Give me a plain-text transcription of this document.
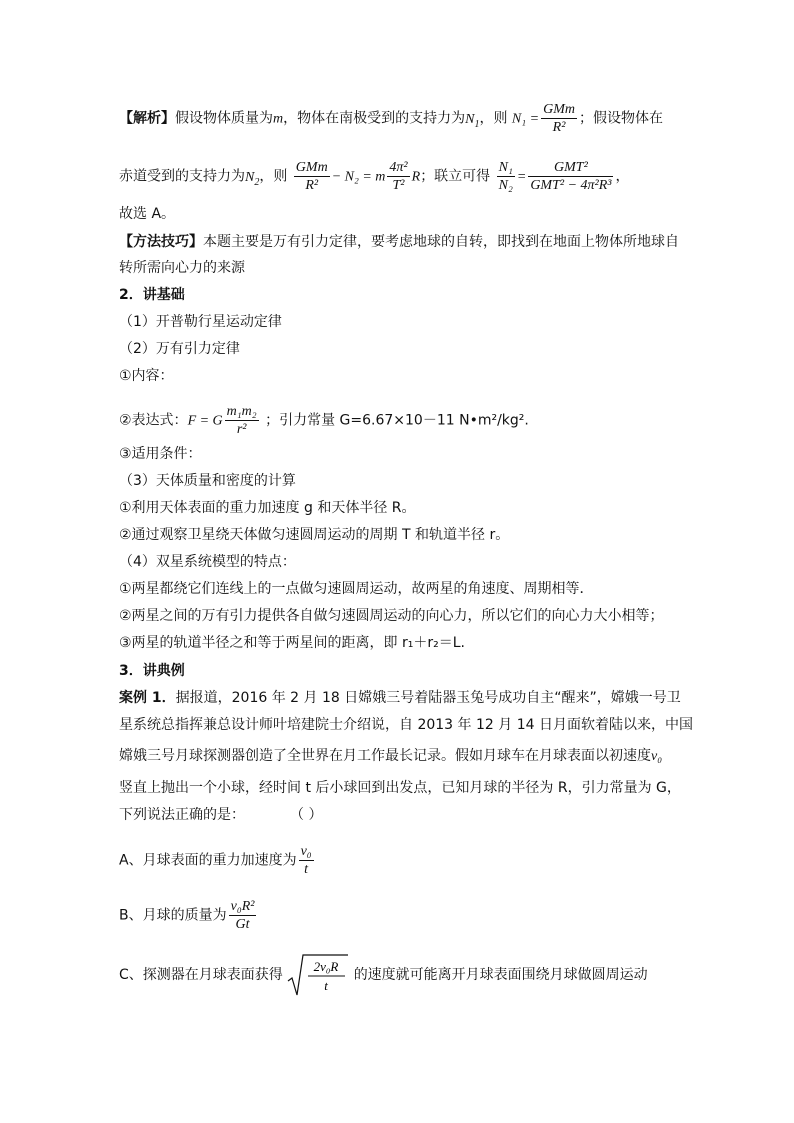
【解析】假设物体质量为m，物体在南极受到的支持力为$N_1$，则 $N_1 = \frac{\text{GMm}}{\text{R²}}$ ；假设物体在
赤道受到的支持力为$N_2$，则 $\frac{\text{GMm}}{\text{R²}} - N_2 = m \frac{\text{4π²}}{\text{T²}}$ R；联立可得 $\frac{\text{N₁}}{\text{N₂}} = \frac{\text{GMT²}}{\text{GMT² − 4π²R³}}$ ，
故选 A。
【方法技巧】本题主要是万有引力定律，要考虑地球的自转，即找到在地面上物体所地球自
转所需向心力的来源
2．讲基础
（1）开普勒行星运动定律
（2）万有引力定律
①内容：
②表达式：F = G $\frac{\text{m₁m₂}}{\text{r²}}$ ；引力常量 G=6.67×10－11 N•m²/kg².
③适用条件：
（3）天体质量和密度的计算
①利用天体表面的重力加速度 g 和天体半径 R。
②通过观察卫星绕天体做匀速圆周运动的周期 T 和轨道半径 r。
（4）双星系统模型的特点：
①两星都绕它们连线上的一点做匀速圆周运动，故两星的角速度、周期相等．
②两星之间的万有引力提供各自做匀速圆周运动的向心力，所以它们的向心力大小相等；
③两星的轨道半径之和等于两星间的距离，即 r₁＋r₂＝L.
3．讲典例
案例 1．据报道，2016 年 2 月 18 日嫦娥三号着陆器玉兔号成功自主“醒来”，嫦娥一号卫
星系统总指挥兼总设计师叶培建院士介绍说，自 2013 年 12 月 14 日月面软着陆以来，中国
嫦娥三号月球探测器创造了全世界在月工作最长记录。假如月球车在月球表面以初速度v₀
竖直上抛出一个小球，经时间 t 后小球回到出发点，已知月球的半径为 R，引力常量为 G，
下列说法正确的是：	（ ）
A、月球表面的重力加速度为 $\frac{\text{v₀}}{t}$
B、月球的质量为 $\frac{\text{v₀R²}}{Gt}$
C、探测器在月球表面获得
2v₀R
t
的速度就可能离开月球表面围绕月球做圆周运动
